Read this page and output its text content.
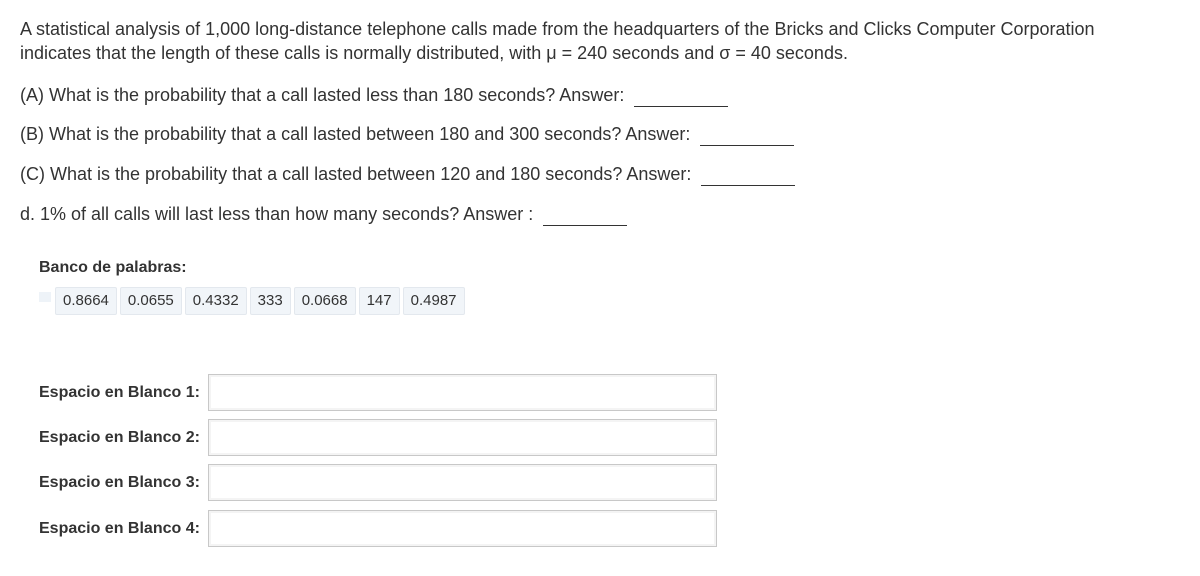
A statistical analysis of 1,000 long-distance telephone calls made from the headquarters of the Bricks and Clicks Computer Corporation indicates that the length of these calls is normally distributed, with μ = 240 seconds and σ = 40 seconds.
(A) What is the probability that a call lasted less than 180 seconds? Answer:
(B) What is the probability that a call lasted between 180 and 300 seconds? Answer:
(C) What is the probability that a call lasted between 120 and 180 seconds? Answer:
d. 1% of all calls will last less than how many seconds? Answer :
Banco de palabras:
0.8664	0.0655	0.4332	333	0.0668	147	0.4987
Espacio en Blanco 1:
Espacio en Blanco 2:
Espacio en Blanco 3:
Espacio en Blanco 4:
